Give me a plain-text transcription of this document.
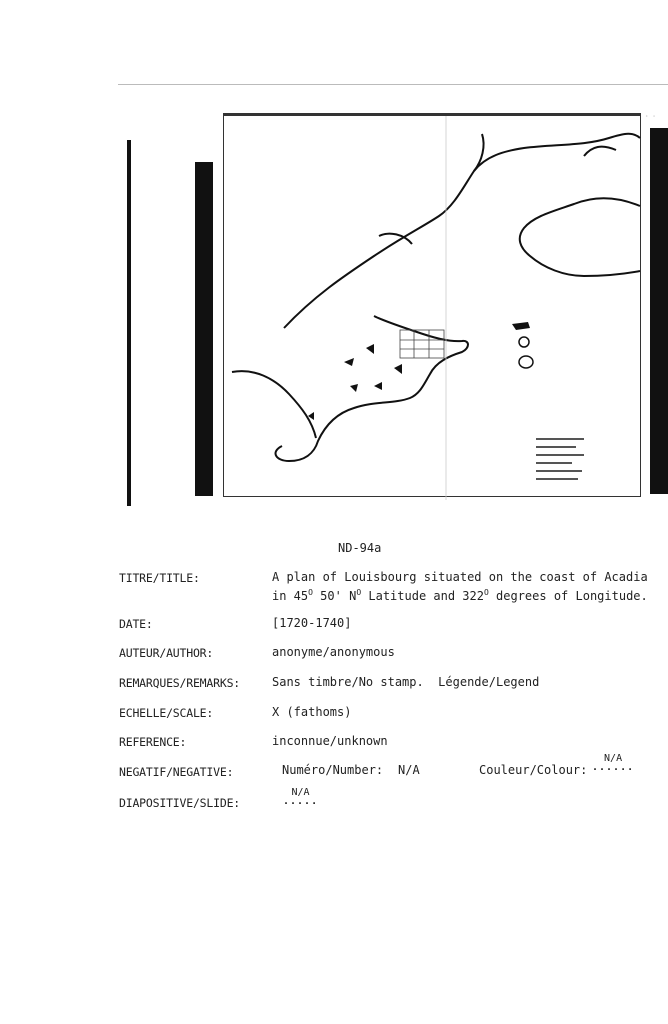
· ·
ND-94a
TITRE/TITLE:	A plan of Louisbourg situated on the coast of Acadia
in $45^O$ 50' $N^O$ Latitude and $322^O$ degrees of Longitude.
DATE:	[1720-1740]
AUTEUR/AUTHOR:	anonyme/anonymous
REMARQUES/REMARKS:	Sans timbre/No stamp.  Légende/Legend
ECHELLE/SCALE:	X (fathoms)
REFERENCE:	inconnue/unknown
NEGATIF/NEGATIVE:	Numéro/Number: N/A	Couleur/Colour:
N/A
......
DIAPOSITIVE/SLIDE:
N/A
.....
